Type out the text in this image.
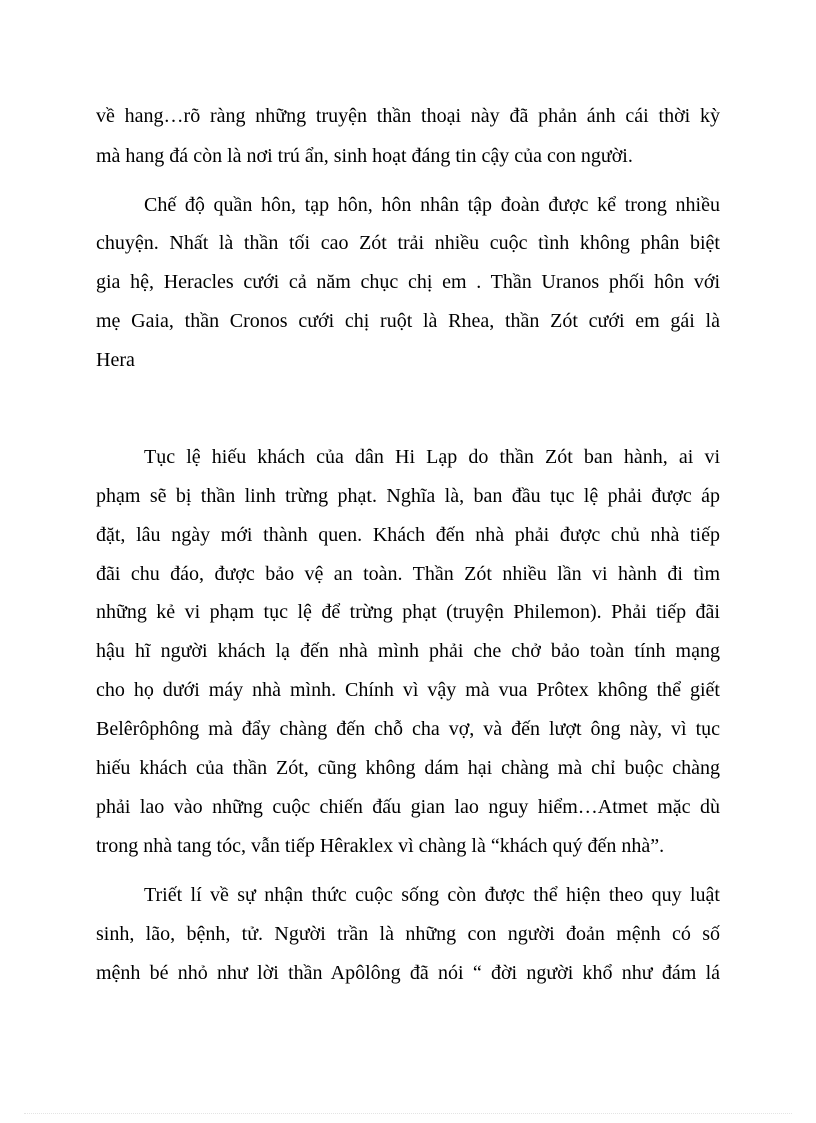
về hang…rõ ràng những truyện thần thoại này đã phản ánh cái thời kỳ
mà hang đá còn là nơi trú ẩn, sinh hoạt đáng tin cậy của con người.
Chế độ quần hôn, tạp hôn, hôn nhân tập đoàn được kể trong nhiều
chuyện. Nhất là thần tối cao Zót trải nhiều cuộc tình không phân biệt
gia hệ, Heracles cưới cả năm chục chị em . Thần Uranos phối hôn với
mẹ Gaia, thần Cronos cưới chị ruột là Rhea, thần Zót cưới em gái là
Hera
Tục lệ hiếu khách của dân Hi Lạp do thần Zót ban hành, ai vi
phạm sẽ bị thần linh trừng phạt. Nghĩa là, ban đầu tục lệ phải được áp
đặt, lâu ngày mới thành quen. Khách đến nhà phải được chủ nhà tiếp
đãi chu đáo, được bảo vệ an toàn. Thần Zót nhiều lần vi hành đi tìm
những kẻ vi phạm tục lệ để trừng phạt (truyện Philemon). Phải tiếp đãi
hậu hĩ người khách lạ đến nhà mình phải che chở bảo toàn tính mạng
cho họ dưới máy nhà mình. Chính vì vậy mà vua Prôtex không thể giết
Belêrôphông mà đẩy chàng đến chỗ cha vợ, và đến lượt ông này, vì tục
hiếu khách của thần Zót, cũng không dám hại chàng mà chỉ buộc chàng
phải lao vào những cuộc chiến đấu gian lao nguy hiểm…Atmet mặc dù
trong nhà tang tóc, vẫn tiếp Hêraklex vì chàng là “khách quý đến nhà”.
Triết lí về sự nhận thức cuộc sống còn được thể hiện theo quy luật
sinh, lão, bệnh, tử. Người trần là những con người đoản mệnh có số
mệnh bé nhỏ như lời thần Apôlông đã nói “ đời người khổ như đám lá
